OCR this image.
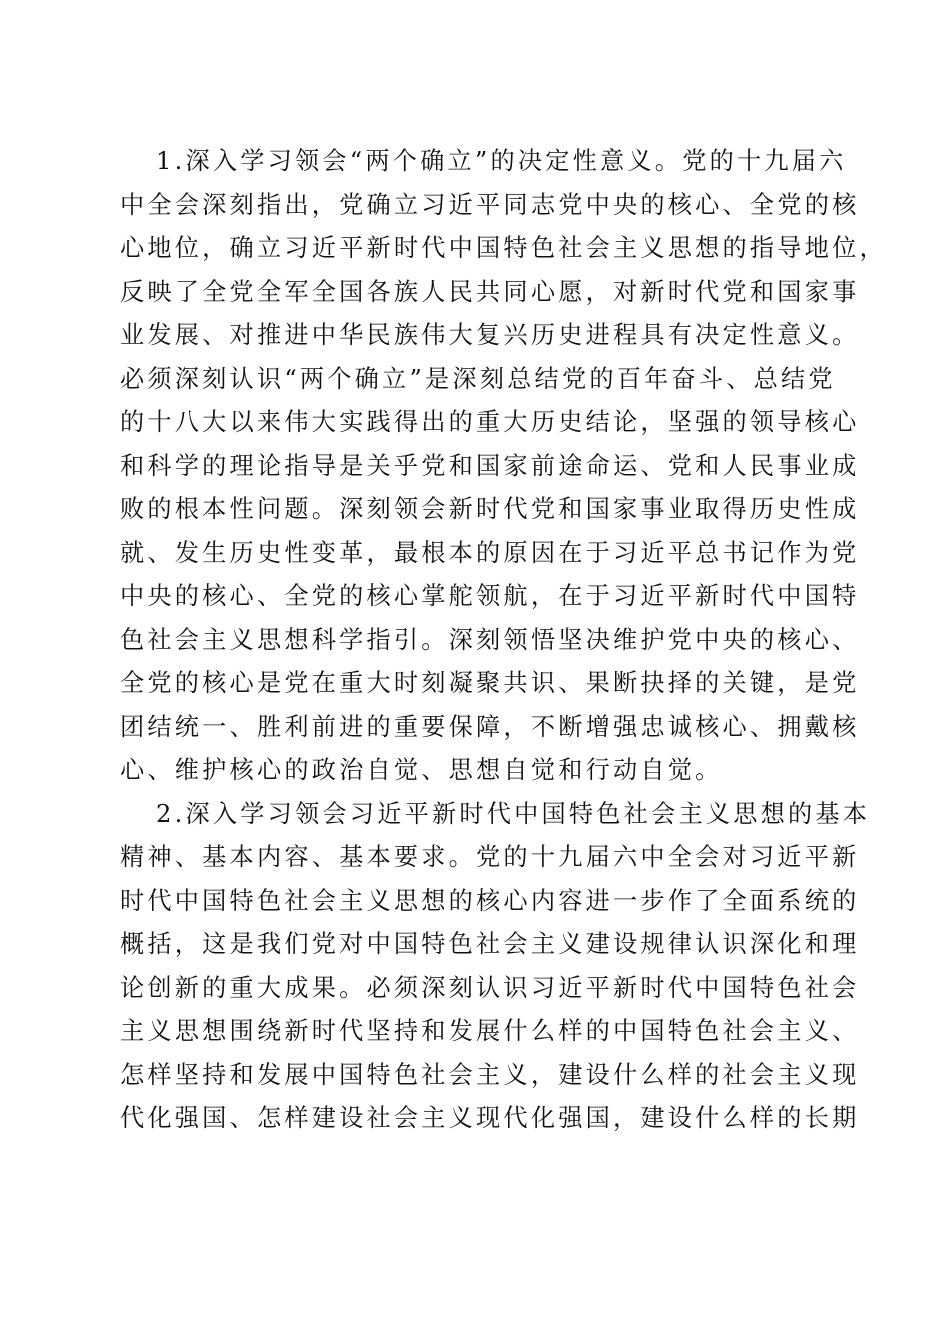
1.深入学习领会“两个确立”的决定性意义。党的十九届六
中全会深刻指出，党确立习近平同志党中央的核心、全党的核
心地位，确立习近平新时代中国特色社会主义思想的指导地位，
反映了全党全军全国各族人民共同心愿，对新时代党和国家事
业发展、对推进中华民族伟大复兴历史进程具有决定性意义。
必须深刻认识“两个确立”是深刻总结党的百年奋斗、总结党
的十八大以来伟大实践得出的重大历史结论，坚强的领导核心
和科学的理论指导是关乎党和国家前途命运、党和人民事业成
败的根本性问题。深刻领会新时代党和国家事业取得历史性成
就、发生历史性变革，最根本的原因在于习近平总书记作为党
中央的核心、全党的核心掌舵领航，在于习近平新时代中国特
色社会主义思想科学指引。深刻领悟坚决维护党中央的核心、
全党的核心是党在重大时刻凝聚共识、果断抉择的关键，是党
团结统一、胜利前进的重要保障，不断增强忠诚核心、拥戴核
心、维护核心的政治自觉、思想自觉和行动自觉。
2.深入学习领会习近平新时代中国特色社会主义思想的基本
精神、基本内容、基本要求。党的十九届六中全会对习近平新
时代中国特色社会主义思想的核心内容进一步作了全面系统的
概括，这是我们党对中国特色社会主义建设规律认识深化和理
论创新的重大成果。必须深刻认识习近平新时代中国特色社会
主义思想围绕新时代坚持和发展什么样的中国特色社会主义、
怎样坚持和发展中国特色社会主义，建设什么样的社会主义现
代化强国、怎样建设社会主义现代化强国，建设什么样的长期
